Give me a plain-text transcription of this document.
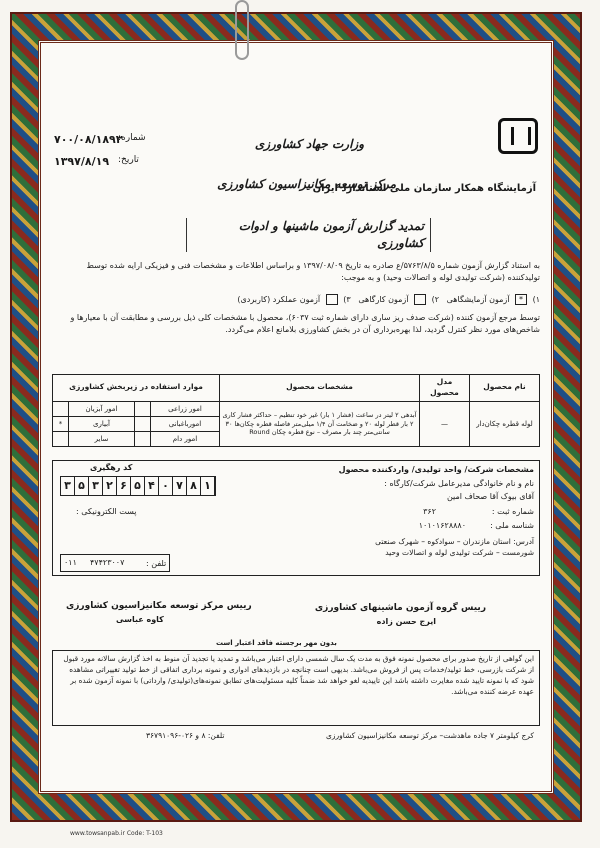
آزمایشگاه همکار سازمان ملی استاندارد ایران
وزارت جهاد کشاورزی
مرکز توسعه مکانیزاسیون کشاورزی
شماره:
۷۰۰/۰۸/۱۸۹۳
تاریخ:
۱۳۹۷/۸/۱۹
تمدید گزارش آزمون ماشینها و ادوات کشاورزی
به استناد گزارش آزمون شماره ۵۷۶۳/۸/۵/ع صادره به تاریخ ۱۳۹۷/۰۸/۰۹ و براساس اطلاعات و مشخصات فنی و فیزیکی ارایه شده توسط تولیدکننده (شرکت تولیدی لوله و اتصالات وحید) و به موجب:
۱) * آزمون آزمایشگاهی   ۲)  آزمون کارگاهی   ۳)  آزمون عملکرد (کاربردی)
توسط مرجع آزمون کننده (شرکت صدف ریز ساری دارای شماره ثبت ۶۰۳۷)، محصول با مشخصات کلی ذیل بررسی و مطابقت آن با معیارها و شاخص‌های مورد نظر کنترل گردید، لذا بهره‌برداری آن در بخش کشاورزی بلامانع اعلام می‌گردد.
نام محصول	مدل محصول	مشخصات محصول	موارد استفاده در زیربخش کشاورزی			
لوله قطره چکان‌دار	—	آبدهی ۲ لیتر در ساعت (فشار ۱ بار) غیر خود تنظیم – حداکثر فشار کاری ۲ بار قطر لوله ۲۰ و ضخامت آن ۱/۴ میلی‌متر فاصله قطره چکان‌ها ۳۰ سانتی‌متر چند بار مصرف – نوع قطره چکان Round	امور زراعی		امور آبزیان	
			امورباغبانی		آبیاری	*
			امور دام		سایر	
مشخصات شرکت/ واحد تولیدی/ واردکننده محصول
کد رهگیری
۳ ۵ ۳ ۲ ۶ ۵ ۴ ۰ ۷ ۸ ۱	نام و نام خانوادگی مدیرعامل شرکت/کارگاه :
آقای بیوک آقا صحاف امین
شماره ثبت :
۳۶۲
پست الکترونیکی :
شناسه ملی :
۱۰۱۰۱۶۲۸۸۸۰
آدرس: استان مازندران – سوادکوه – شهرک صنعتی شورمست – شرکت تولیدی لوله و اتصالات وحید
تلفن :
۴۷۴۲۳۰۰۷
۰۱۱
رییس گروه آزمون ماشینهای کشاورزی
ایرج حسن زاده
رییس مرکز توسعه مکانیزاسیون کشاورزی
کاوه عباسی
بدون مهر برجسته فاقد اعتبار است
این گواهی از تاریخ صدور برای محصول نمونه فوق به مدت یک سال شمسی دارای اعتبار می‌باشد و تمدید یا تجدید آن منوط به اخذ گزارش سالانه مورد قبول از شرکت بازرسی، خط تولید/خدمات پس از فروش می‌باشد. بدیهی است چنانچه در بازدیدهای ادواری و نمونه برداری اتفاقی از خط تولید تغییراتی مشاهده شود که با نمونه تایید شده مغایرت داشته باشد این تاییدیه لغو خواهد شد ضمناً کلیه مسئولیت‌های تطابق نمونه‌های(تولیدی/ وارداتی) با نمونه آزمون شده بر عهده عرضه کننده می‌باشد.
کرج کیلومتر ۷ جاده ماهدشت– مرکز توسعه مکانیزاسیون کشاورزی
تلفن: ۸ و ۰۲۶-۳۶۷۹۱۰۹۶
www.towsanpab.ir Code: T-103
